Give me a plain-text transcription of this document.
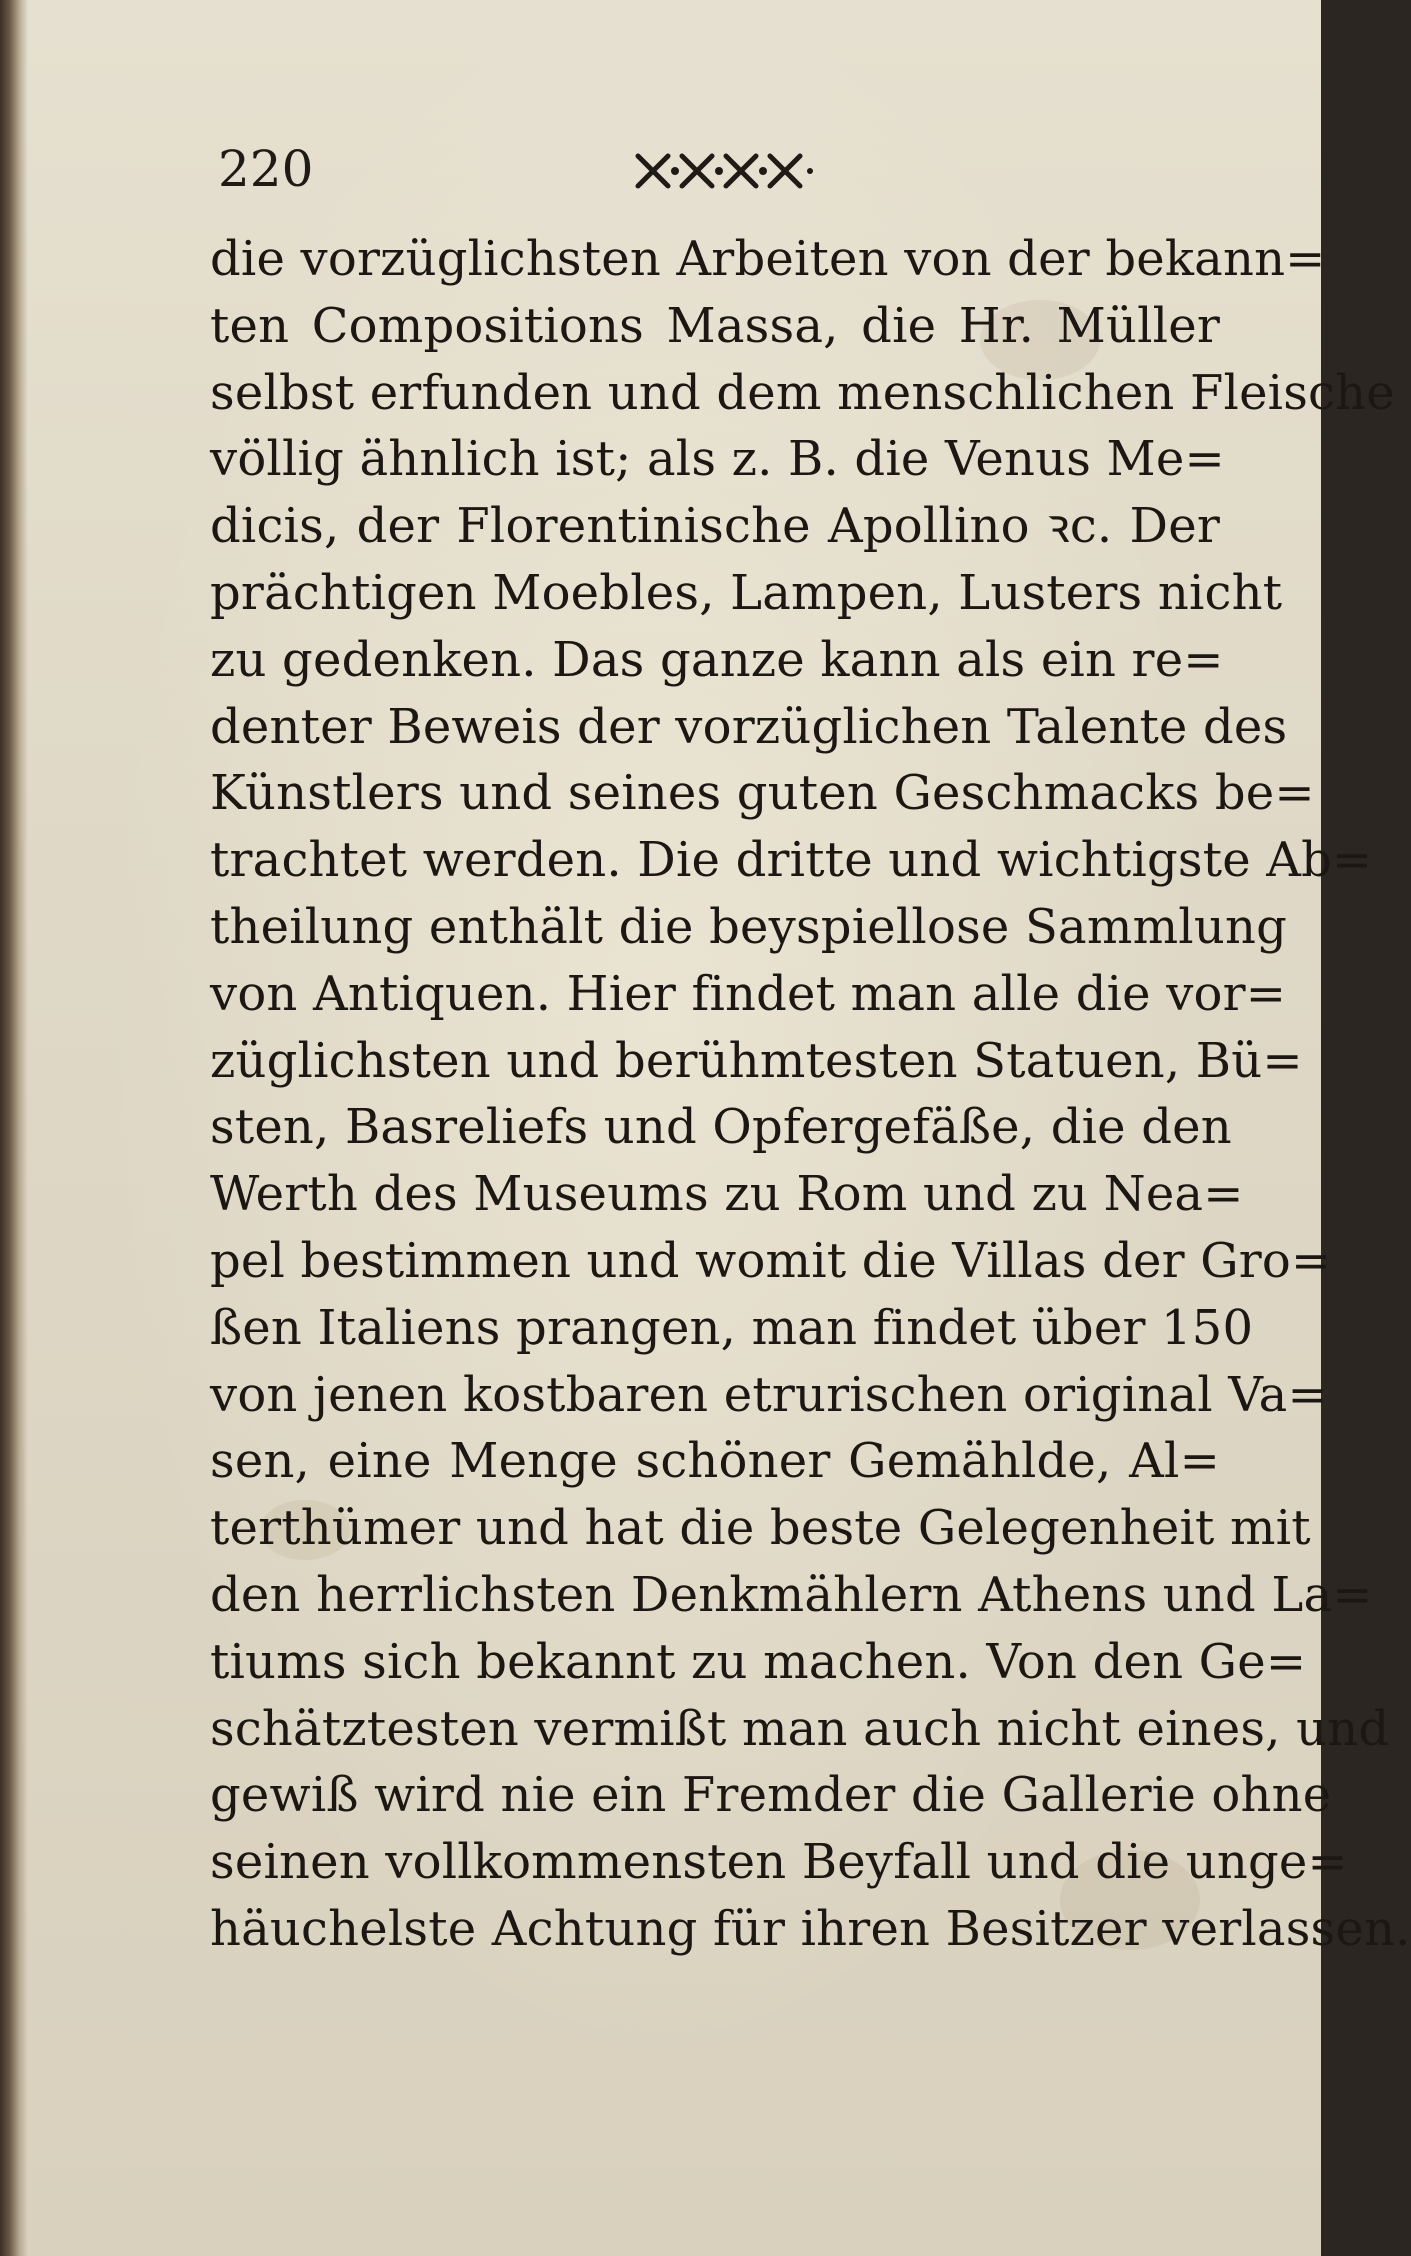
220
die vorzüglichsten Arbeiten von der bekann=
ten Compositions Massa, die Hr. Müller
selbst erfunden und dem menschlichen Fleische
völlig ähnlich ist; als z. B. die Venus Me=
dicis, der Florentinische Apollino ꝛc. Der
prächtigen Moebles, Lampen, Lusters nicht
zu gedenken. Das ganze kann als ein re=
denter Beweis der vorzüglichen Talente des
Künstlers und seines guten Geschmacks be=
trachtet werden. Die dritte und wichtigste Ab=
theilung enthält die beyspiellose Sammlung
von Antiquen. Hier findet man alle die vor=
züglichsten und berühmtesten Statuen, Bü=
sten, Basreliefs und Opfergefäße, die den
Werth des Museums zu Rom und zu Nea=
pel bestimmen und womit die Villas der Gro=
ßen Italiens prangen, man findet über 150
von jenen kostbaren etrurischen original Va=
sen, eine Menge schöner Gemählde, Al=
terthümer und hat die beste Gelegenheit mit
den herrlichsten Denkmählern Athens und La=
tiums sich bekannt zu machen. Von den Ge=
schätztesten vermißt man auch nicht eines, und
gewiß wird nie ein Fremder die Gallerie ohne
seinen vollkommensten Beyfall und die unge=
häuchelste Achtung für ihren Besitzer verlassen.
